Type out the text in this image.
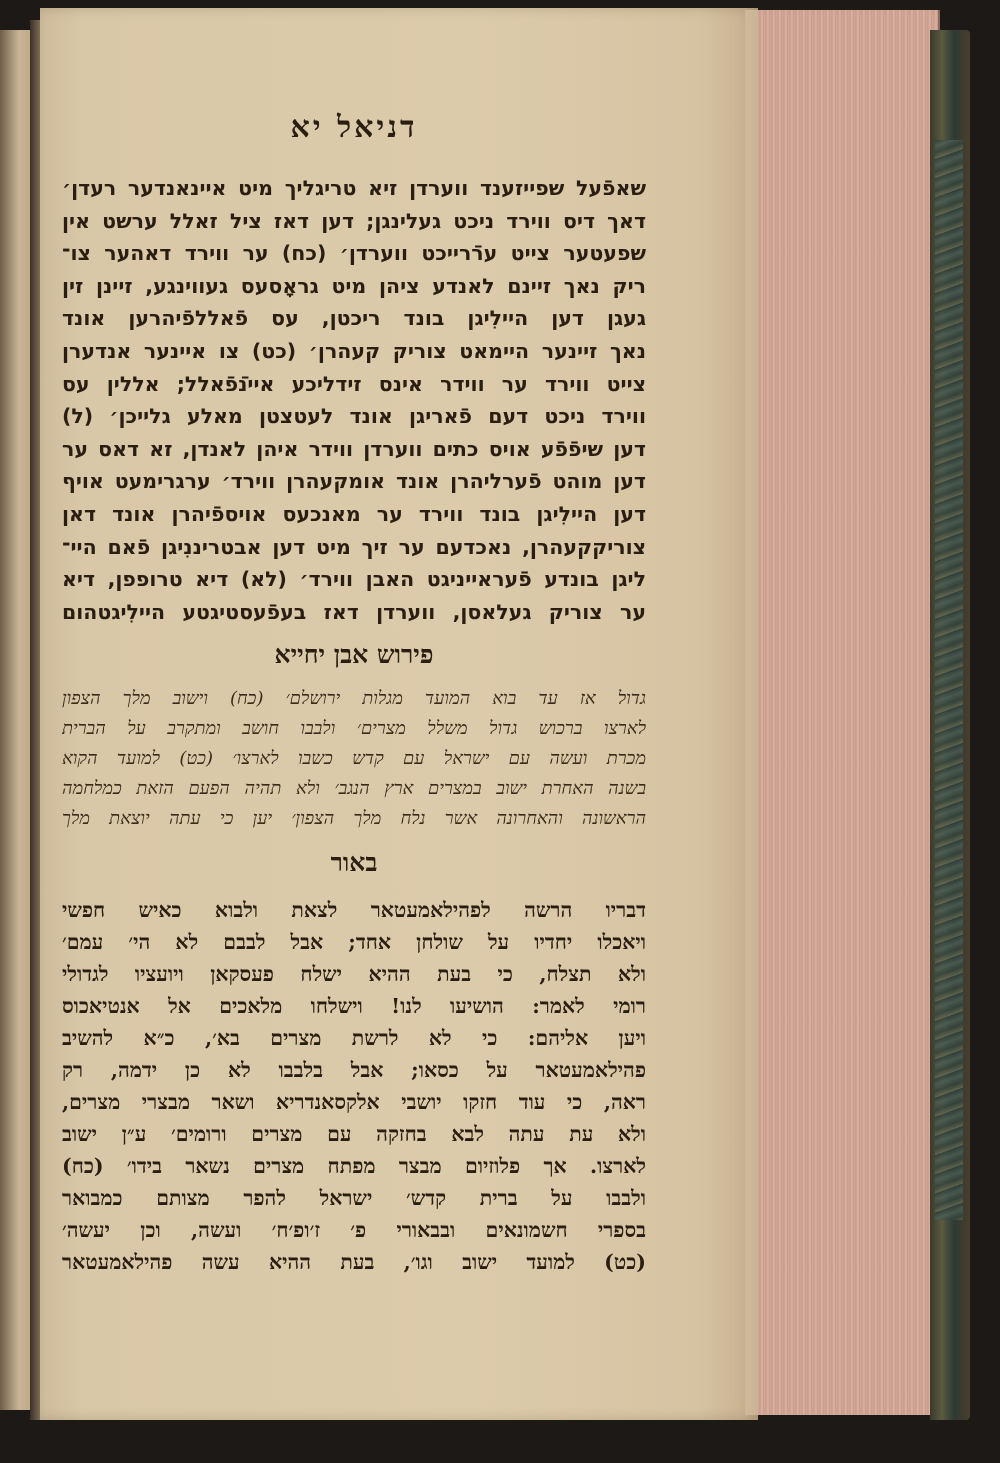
דניאל יא

שאפֿעל שפייזענד ווערדן זיא טריגליך מיט איינאנדער רעדן׳

דאך דיס ווירד ניכט געלינגן; דען דאז ציל זאלל ערשט אין

שפעטער צייט ערֿרייכט ווערדן׳ (כח) ער ווירד דאהער צו־

ריק נאך זיינם לאנדע ציהן מיט גראָסעס געווינגע, זיינן זין

געגן דען היילִיגן בונד ריכטן, עס פֿאללפֿיהרען אונד

נאך זיינער היימאט צוריק קעהרן׳ (כט) צו איינער אנדערן

צייט ווירד ער ווידר אינס זידליכע איינֿפֿאלל; אללין עס

ווירד ניכט דעם פֿאריגן אונד לעטצטן מאלע גלייכן׳ (ל)

דען שיפֿפֿע אויס כתים ווערדן ווידר איהן לאנדן, זא דאס ער

דען מוהט פֿערליהרן אונד אומקעהרן ווירד׳ ערגרימעט אויף

דען היילִיגן בונד ווירד ער מאנכעס אויספֿיהרן אונד דאן

צוריקקעהרן, נאכדעם ער זיך מיט דען אבטריננִיגן פֿאם היי־

ליגן בונדע פֿעראייניגט האבן ווירד׳ (לא) דיא טרופפן, דיא

ער צוריק געלאסן, ווערדן דאז בעפֿעסטיגטע היילִיגטהום

פירוש אבן יחייא

גדול אז עד בוא המועד מגלות ירושלם׳ (כח) וישוב מלך הצפון

לארצו ברכוש גדול משלל מצרים׳ ולבבו חושב ומתקרב על הברית

מכרת ועשה עם ישראל עם קדש כשבו לארצו׳ (כט) למועד הקוא

בשנה האחרת ישוב במצרים ארץ הנגב׳ ולא תהיה הפעם הזאת כמלחמה

הראשונה והאחרונה אשר נלח מלך הצפון׳ יען כי עתה יוצאת מלך

באור

דבריו הרשה לפהילאמעטאר לצאת ולבוא כאיש חפשי

ויאכלו יחדיו על שולחן אחד; אבל לבבם לא הי׳ עמם׳

ולא תצלח, כי בעת ההיא ישלח פעסקאן ויועציו לגדולי

רומי לאמר: הושיעו לנו! וישלחו מלאכים אל אנטיאכוס

ויען אליהם: כי לא לרשת מצרים בא׳, כ״א להשיב

פהילאמעטאר על כסאו; אבל בלבבו לא כן ידמה, רק

ראה, כי עוד חזקו יושבי אלקסאנדריא ושאר מבצרי מצרים,

ולא עת עתה לבא בחזקה עם מצרים ורומים׳ ע״ן ישוב

לארצו. אך פלוזיום מבצר מפתח מצרים נשאר בידו׳ (כח)

ולבבו על ברית קדש׳ ישראל להפר מצותם כמבואר

בספרי חשמונאים ובבאורי פ׳ ז׳ופ׳ח׳ ועשה, וכן יעשה׳

(כט) למועד ישוב וגו׳, בעת ההיא עשה פהילאמעטאר
